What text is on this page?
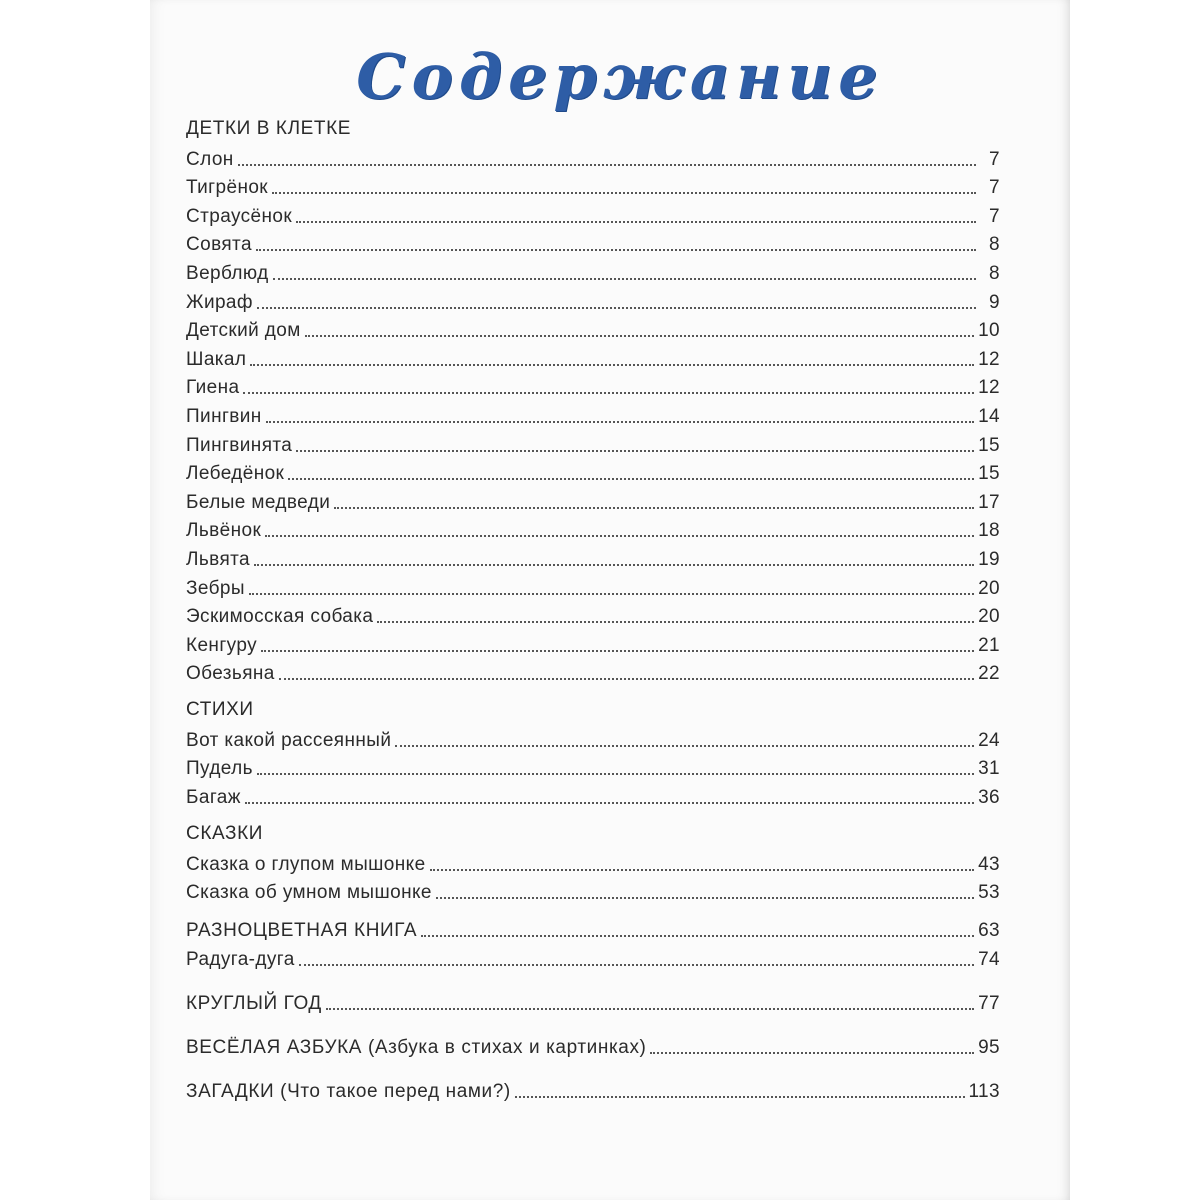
Содержание
ДЕТКИ В КЛЕТКЕ
Слон	7
Тигрёнок	7
Страусёнок	7
Совята	8
Верблюд	8
Жираф	9
Детский дом	10
Шакал	12
Гиена	12
Пингвин	14
Пингвинята	15
Лебедёнок	15
Белые медведи	17
Львёнок	18
Львята	19
Зебры	20
Эскимосская собака	20
Кенгуру	21
Обезьяна	22
СТИХИ
Вот какой рассеянный	24
Пудель	31
Багаж	36
СКАЗКИ
Сказка о глупом мышонке	43
Сказка об умном мышонке	53
РАЗНОЦВЕТНАЯ КНИГА	63
Радуга-дуга	74
КРУГЛЫЙ ГОД	77
ВЕСЁЛАЯ АЗБУКА (Азбука в стихах и картинках)	95
ЗАГАДКИ (Что такое перед нами?)	113
